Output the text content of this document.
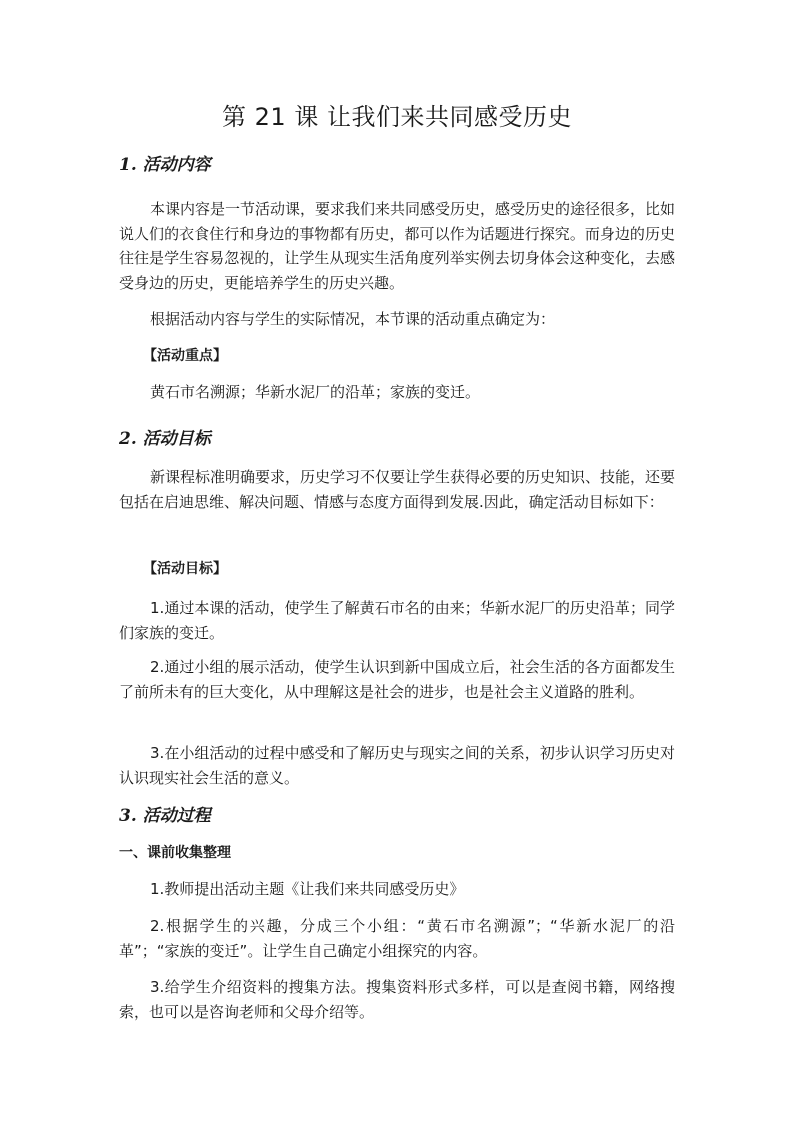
第 21 课 让我们来共同感受历史
1. 活动内容

本课内容是一节活动课，要求我们来共同感受历史，感受历史的途径很多，比如说人们的衣食住行和身边的事物都有历史，都可以作为话题进行探究。而身边的历史往往是学生容易忽视的，让学生从现实生活角度列举实例去切身体会这种变化，去感受身边的历史，更能培养学生的历史兴趣。

根据活动内容与学生的实际情况，本节课的活动重点确定为：

【活动重点】

黄石市名溯源；华新水泥厂的沿革；家族的变迁。

2. 活动目标

新课程标准明确要求，历史学习不仅要让学生获得必要的历史知识、技能，还要包括在启迪思维、解决问题、情感与态度方面得到发展.因此，确定活动目标如下：

【活动目标】

1.通过本课的活动，使学生了解黄石市名的由来；华新水泥厂的历史沿革；同学们家族的变迁。

2.通过小组的展示活动，使学生认识到新中国成立后，社会生活的各方面都发生了前所未有的巨大变化，从中理解这是社会的进步，也是社会主义道路的胜利。

3.在小组活动的过程中感受和了解历史与现实之间的关系，初步认识学习历史对认识现实社会生活的意义。

3. 活动过程
一、课前收集整理

1.教师提出活动主题《让我们来共同感受历史》

2.根据学生的兴趣，分成三个小组：“黄石市名溯源”；“华新水泥厂的沿革”；“家族的变迁”。让学生自己确定小组探究的内容。

3.给学生介绍资料的搜集方法。搜集资料形式多样，可以是查阅书籍，网络搜索，也可以是咨询老师和父母介绍等。
